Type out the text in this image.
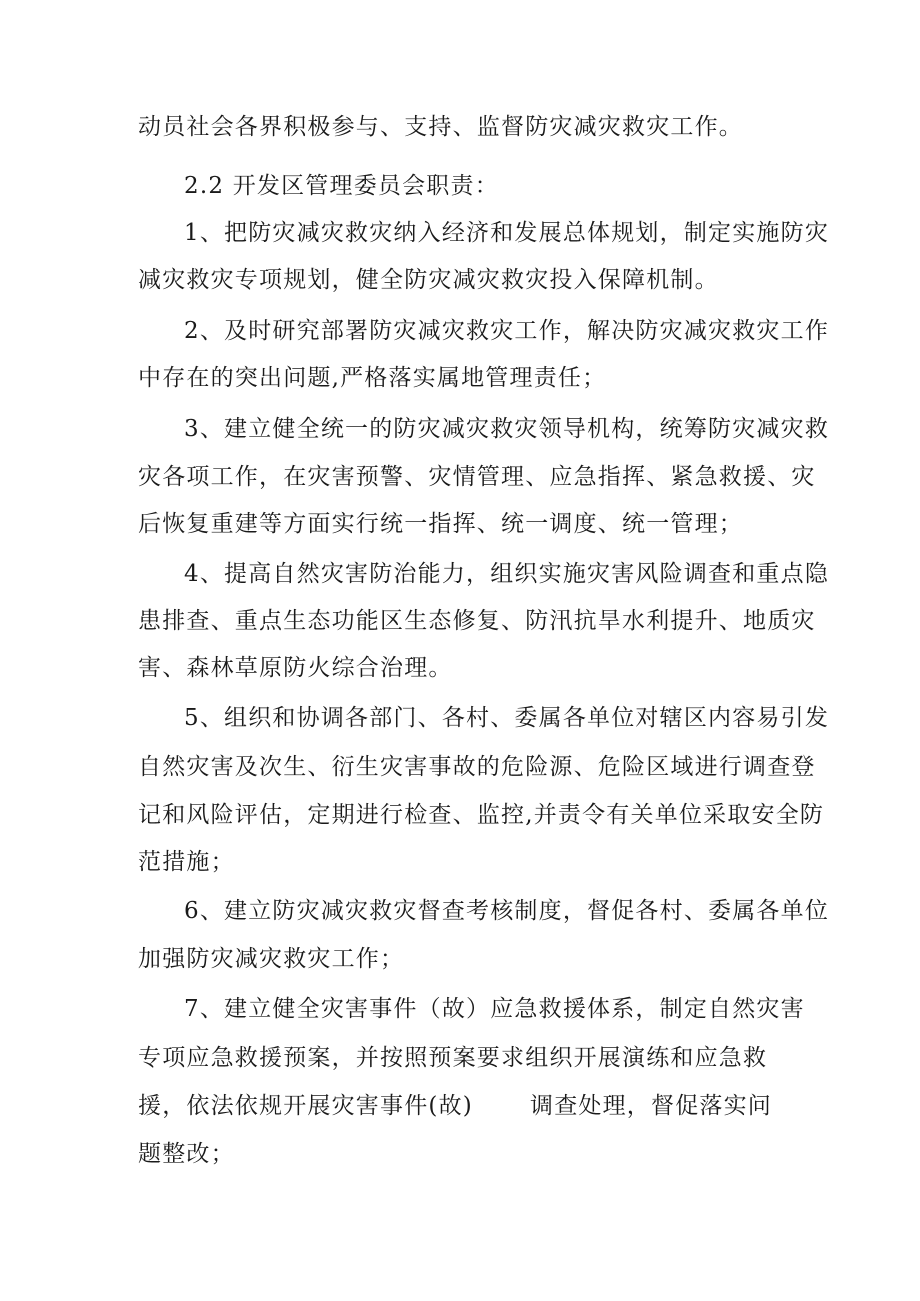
动员社会各界积极参与、支持、监督防灾减灾救灾工作。
2.2 开发区管理委员会职责：
1、把防灾减灾救灾纳入经济和发展总体规划，制定实施防灾
减灾救灾专项规划，健全防灾减灾救灾投入保障机制。
2、及时研究部署防灾减灾救灾工作，解决防灾减灾救灾工作
中存在的突出问题,严格落实属地管理责任；
3、建立健全统一的防灾减灾救灾领导机构，统筹防灾减灾救
灾各项工作，在灾害预警、灾情管理、应急指挥、紧急救援、灾
后恢复重建等方面实行统一指挥、统一调度、统一管理；
4、提高自然灾害防治能力，组织实施灾害风险调查和重点隐
患排查、重点生态功能区生态修复、防汛抗旱水利提升、地质灾
害、森林草原防火综合治理。
5、组织和协调各部门、各村、委属各单位对辖区内容易引发
自然灾害及次生、衍生灾害事故的危险源、危险区域进行调查登
记和风险评估，定期进行检查、监控,并责令有关单位采取安全防
范措施；
6、建立防灾减灾救灾督查考核制度，督促各村、委属各单位
加强防灾减灾救灾工作；
7、建立健全灾害事件（故）应急救援体系，制定自然灾害
专项应急救援预案，并按照预案要求组织开展演练和应急救
援，依法依规开展灾害事件(故) 调查处理，督促落实问
题整改；
